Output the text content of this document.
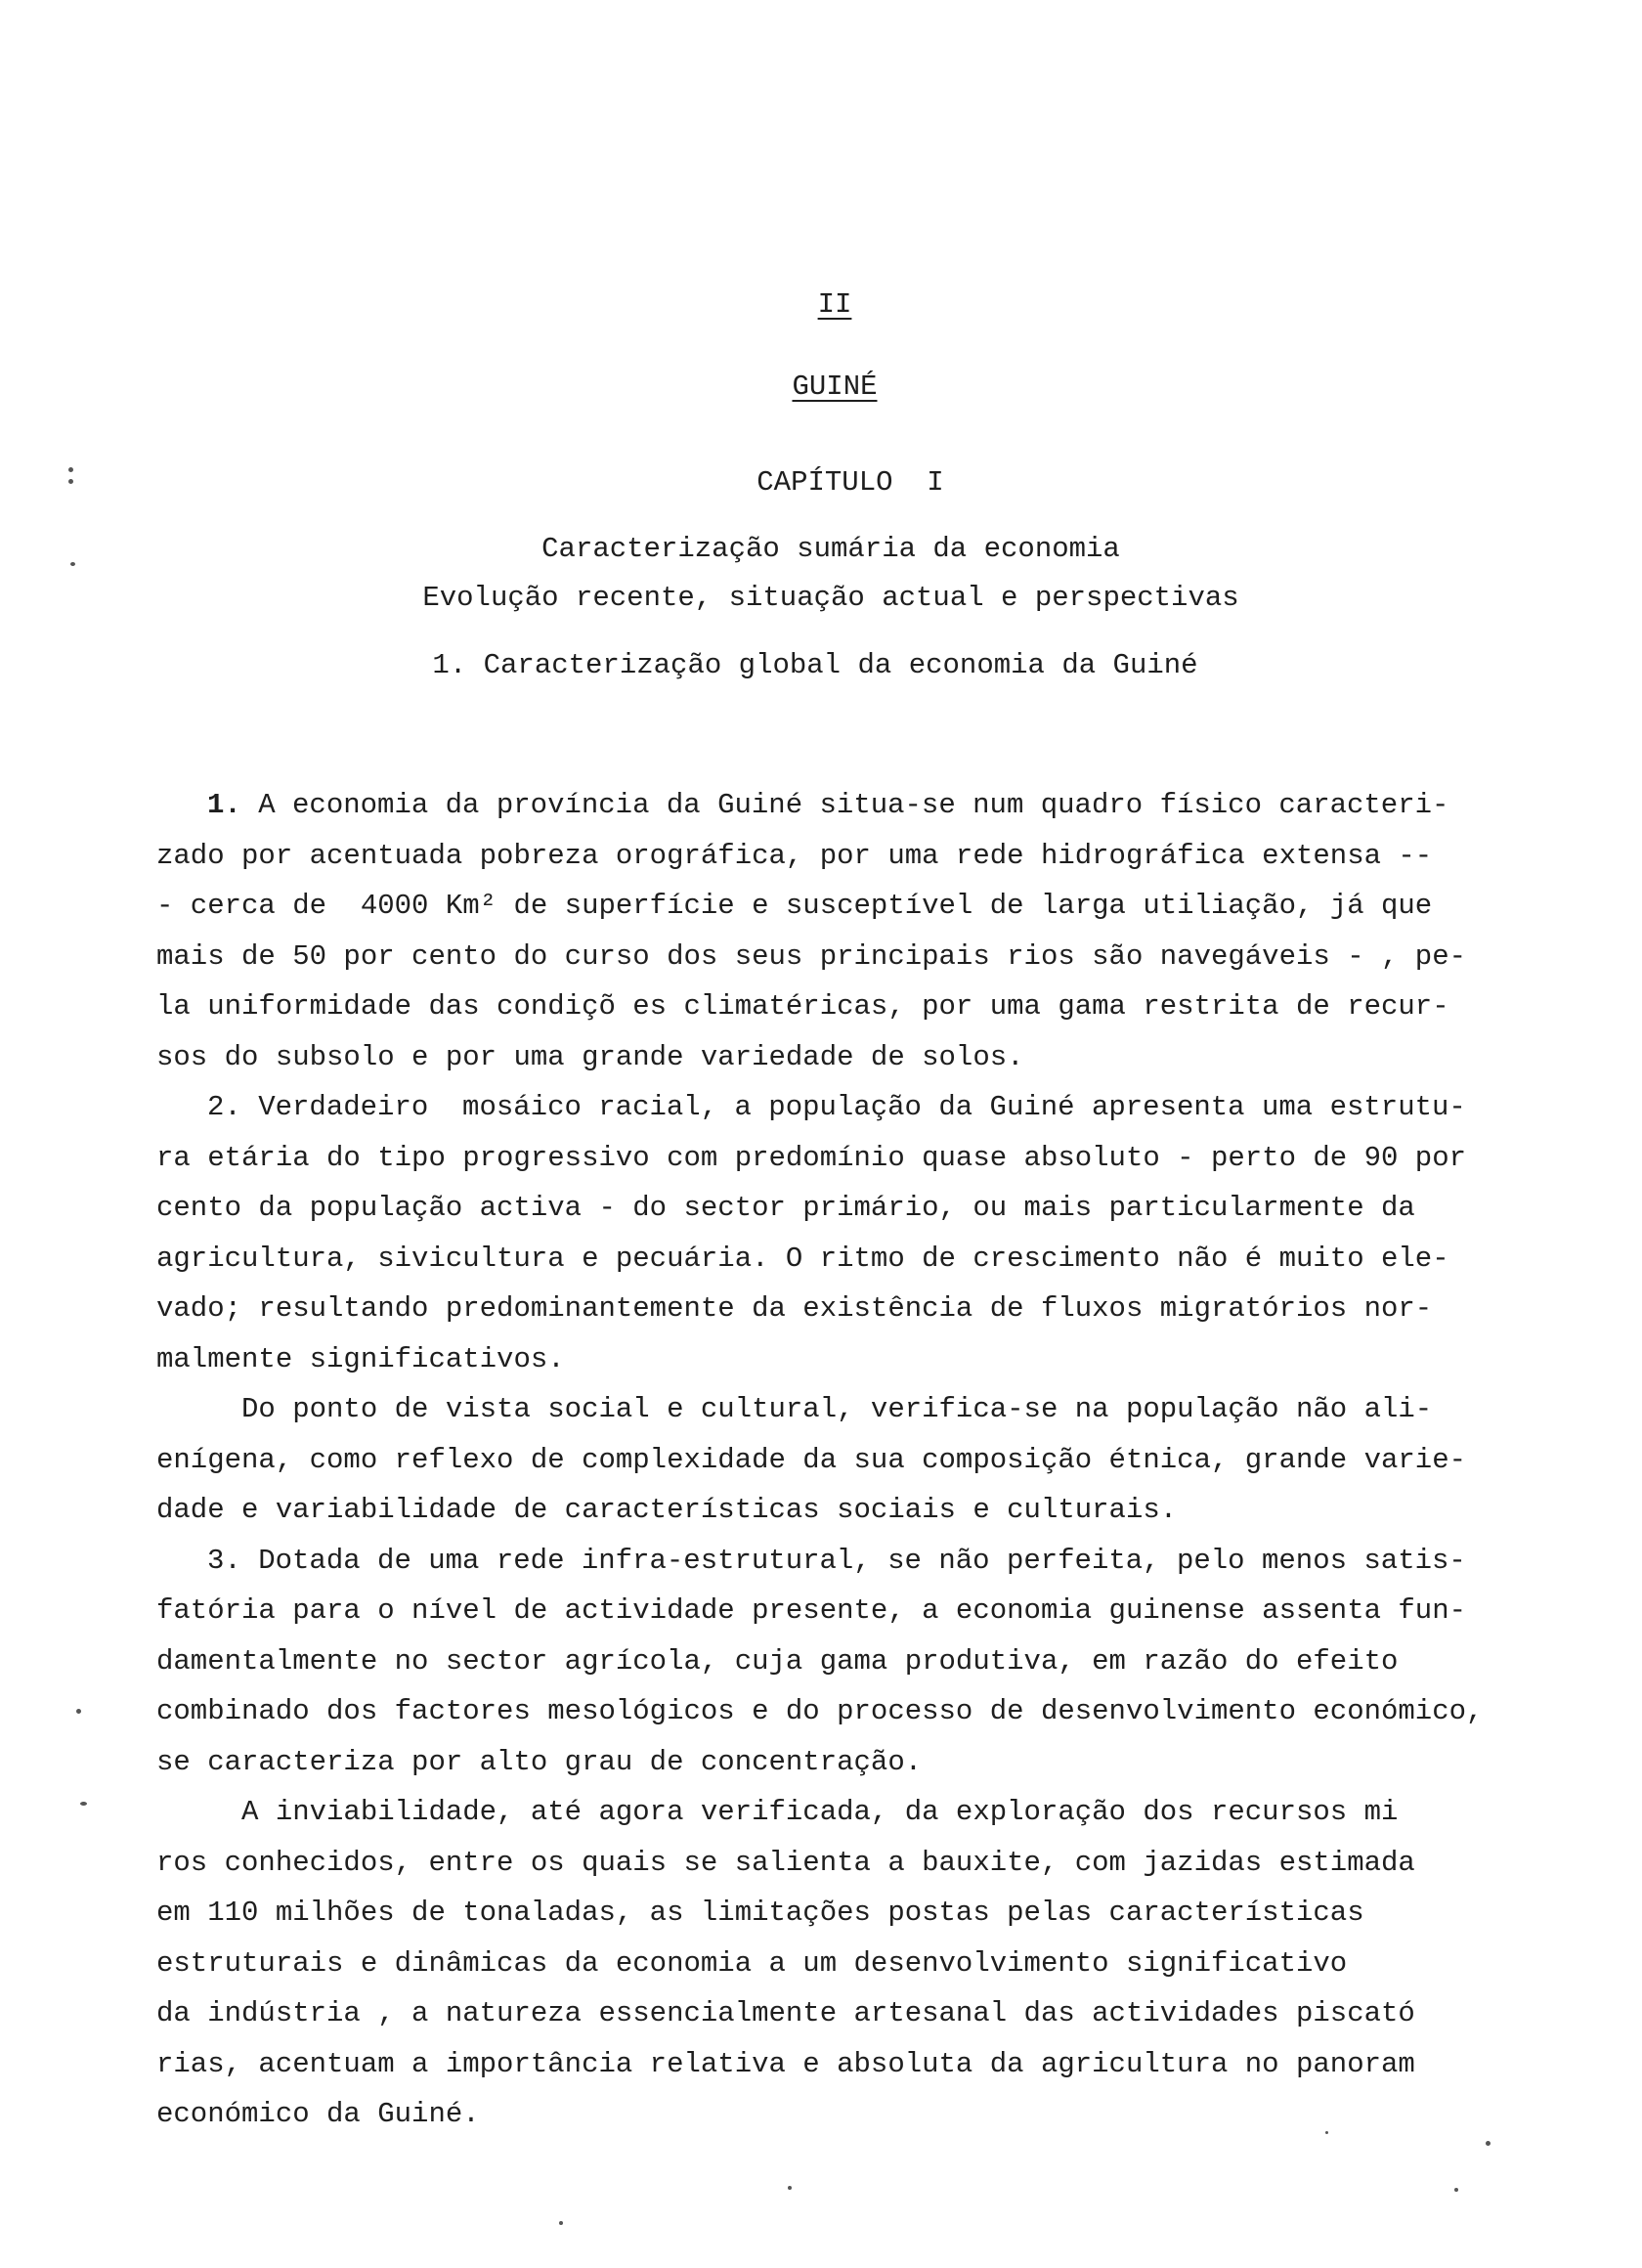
II
GUINÉ
CAPÍTULO  I
Caracterização sumária da economia
Evolução recente, situação actual e perspectivas
1. Caracterização global da economia da Guiné
1. A economia da província da Guiné situa-se num quadro físico caracteri-
zado por acentuada pobreza orográfica, por uma rede hidrográfica extensa --
- cerca de  4000 Km² de superfície e susceptível de larga utiliação, já que
mais de 50 por cento do curso dos seus principais rios são navegáveis - , pe-
la uniformidade das condiçõ es climatéricas, por uma gama restrita de recur-
sos do subsolo e por uma grande variedade de solos.
2. Verdadeiro  mosáico racial, a população da Guiné apresenta uma estrutu-
ra etária do tipo progressivo com predomínio quase absoluto - perto de 90 por
cento da população activa - do sector primário, ou mais particularmente da
agricultura, sivicultura e pecuária. O ritmo de crescimento não é muito ele-
vado; resultando predominantemente da existência de fluxos migratórios nor-
malmente significativos.
Do ponto de vista social e cultural, verifica-se na população não ali-
enígena, como reflexo de complexidade da sua composição étnica, grande varie-
dade e variabilidade de características sociais e culturais.
3. Dotada de uma rede infra-estrutural, se não perfeita, pelo menos satis-
fatória para o nível de actividade presente, a economia guinense assenta fun-
damentalmente no sector agrícola, cuja gama produtiva, em razão do efeito
combinado dos factores mesológicos e do processo de desenvolvimento económico,
se caracteriza por alto grau de concentração.
A inviabilidade, até agora verificada, da exploração dos recursos mi
ros conhecidos, entre os quais se salienta a bauxite, com jazidas estimada
em 110 milhões de tonaladas, as limitações postas pelas características
estruturais e dinâmicas da economia a um desenvolvimento significativo
da indústria , a natureza essencialmente artesanal das actividades piscató
rias, acentuam a importância relativa e absoluta da agricultura no panoram
económico da Guiné.
